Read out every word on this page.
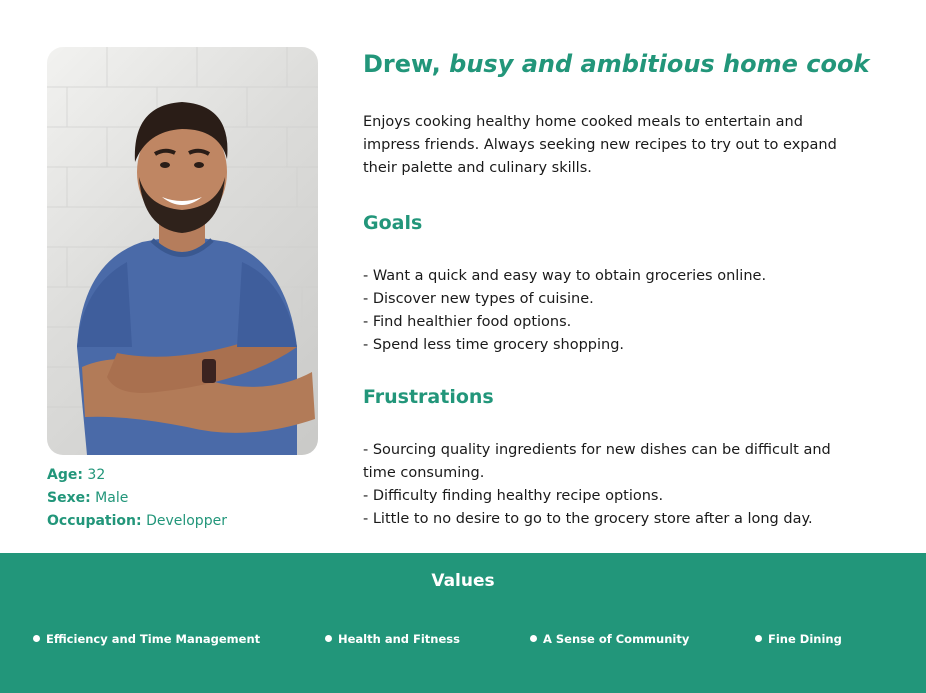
Age: 32
Sexe: Male
Occupation: Developper
Drew, busy and ambitious home cook

Enjoys cooking healthy home cooked meals to entertain and impress friends. Always seeking new recipes to try out to expand their palette and culinary skills.

Goals
- Want a quick and easy way to obtain groceries online.
- Discover new types of cuisine.
- Find healthier food options.
- Spend less time grocery shopping.
Frustrations
- Sourcing quality ingredients for new dishes can be difficult and time consuming.
- Difficulty finding healthy recipe options.
- Little to no desire to go to the grocery store after a long day.
Values
Efficiency and Time Management	Health and Fitness	A Sense of Community	Fine Dining
